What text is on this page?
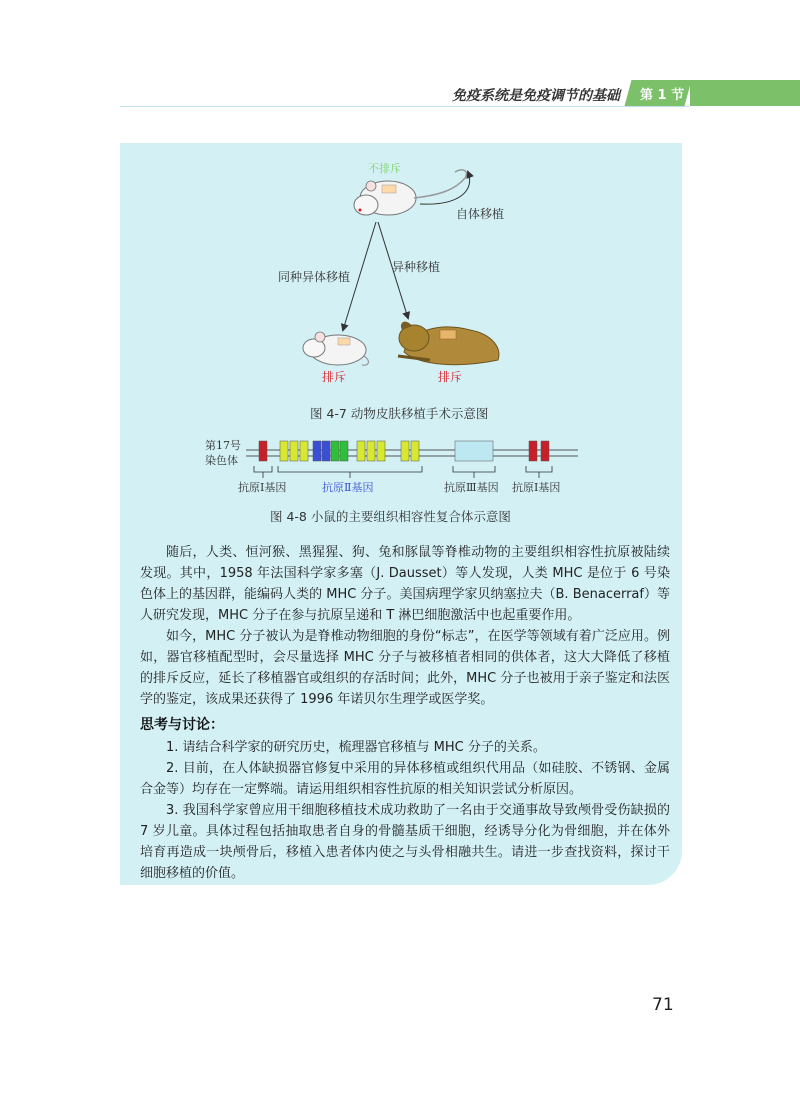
免疫系统是免疫调节的基础 第 1 节
不排斥
自体移植
同种异体移植
异种移植
排斥	排斥
图 4-7 动物皮肤移植手术示意图
第17号
染色体
抗原Ⅰ基因	抗原Ⅱ基因	抗原Ⅲ基因 抗原Ⅰ基因
图 4-8 小鼠的主要组织相容性复合体示意图

随后，人类、恒河猴、黑猩猩、狗、兔和豚鼠等脊椎动物的主要组织相容性抗原被陆续发现。其中，1958 年法国科学家多塞（J. Dausset）等人发现，人类 MHC 是位于 6 号染色体上的基因群，能编码人类的 MHC 分子。美国病理学家贝纳塞拉夫（B. Benacerraf）等人研究发现，MHC 分子在参与抗原呈递和 T 淋巴细胞激活中也起重要作用。

如今，MHC 分子被认为是脊椎动物细胞的身份“标志”，在医学等领域有着广泛应用。例如，器官移植配型时，会尽量选择 MHC 分子与被移植者相同的供体者，这大大降低了移植的排斥反应，延长了移植器官或组织的存活时间；此外，MHC 分子也被用于亲子鉴定和法医学的鉴定，该成果还获得了 1996 年诺贝尔生理学或医学奖。

思考与讨论：

1. 请结合科学家的研究历史，梳理器官移植与 MHC 分子的关系。

2. 目前，在人体缺损器官修复中采用的异体移植或组织代用品（如硅胶、不锈钢、金属合金等）均存在一定弊端。请运用组织相容性抗原的相关知识尝试分析原因。

3. 我国科学家曾应用干细胞移植技术成功救助了一名由于交通事故导致颅骨受伤缺损的 7 岁儿童。具体过程包括抽取患者自身的骨髓基质干细胞，经诱导分化为骨细胞，并在体外培育再造成一块颅骨后，移植入患者体内使之与头骨相融共生。请进一步查找资料，探讨干细胞移植的价值。

71
